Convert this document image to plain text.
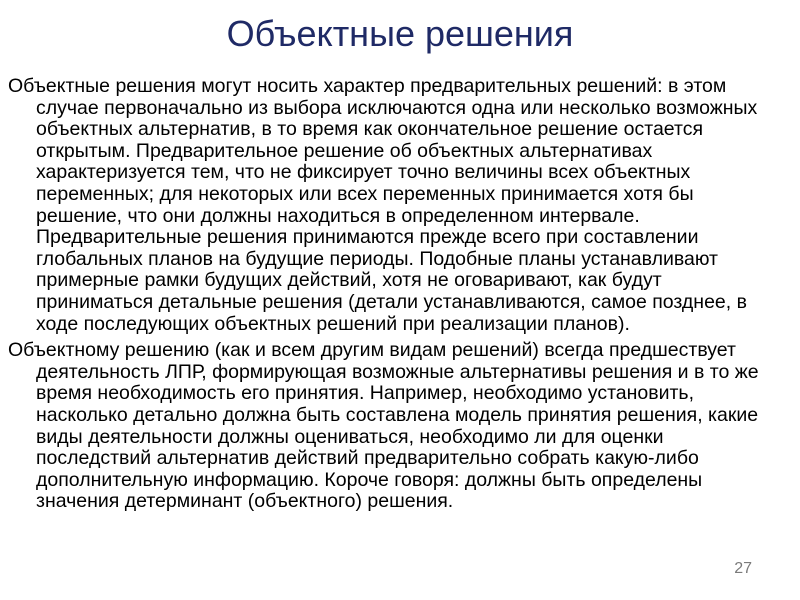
Объектные решения
Объектные решения могут носить характер предварительных решений: в этом случае первоначально из выбора исключаются одна или несколько возможных объектных альтернатив, в то время как окончательное решение остается открытым. Предварительное решение об объектных альтернативах характеризуется тем, что не фиксирует точно величины всех объектных переменных; для некоторых или всех переменных принимается хотя бы решение, что они должны находиться в определенном интервале. Предварительные решения принимаются прежде всего при составлении глобальных планов на будущие периоды. Подобные планы устанавливают примерные рамки будущих действий, хотя не оговаривают, как будут приниматься детальные решения (детали устанавливаются, самое позднее, в ходе последующих объектных решений при реализации планов).
Объектному решению (как и всем другим видам решений) всегда предшествует деятельность ЛПР, формирующая возможные альтернативы решения и в то же время необходимость его принятия. Например, необходимо установить, насколько детально должна быть составлена модель принятия решения, какие виды деятельности должны оцениваться, необходимо ли для оценки последствий альтернатив действий предварительно собрать какую-либо дополнительную информацию. Короче говоря: должны быть определены значения детерминант (объектного) решения.
27
